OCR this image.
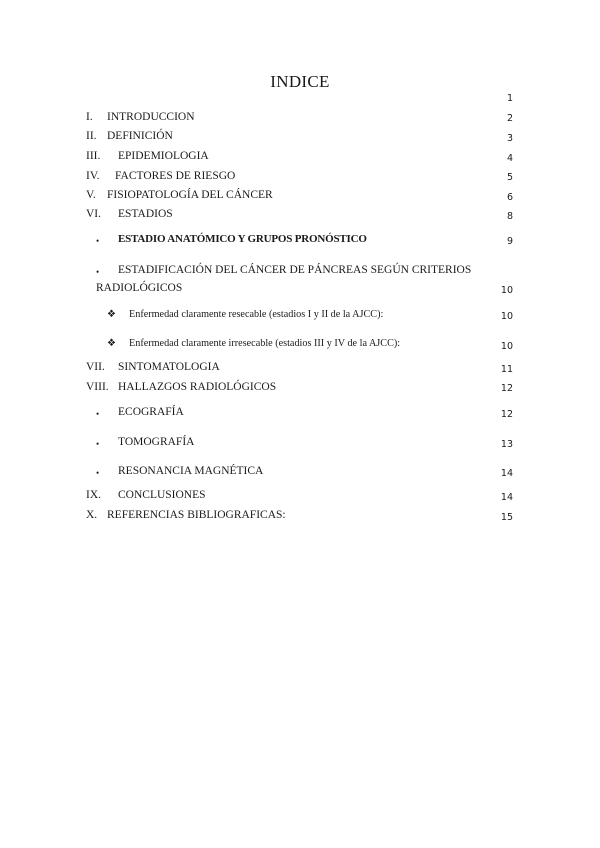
INDICE
1
I. INTRODUCCION	2
II. DEFINICIÓN	3
III. EPIDEMIOLOGIA	4
IV. FACTORES DE RIESGO	5
V. FISIOPATOLOGÍA DEL CÁNCER	6
VI. ESTADIOS	8
• ESTADIO ANATÓMICO Y GRUPOS PRONÓSTICO	9
• ESTADIFICACIÓN DEL CÁNCER DE PÁNCREAS SEGÚN CRITERIOS
RADIOLÓGICOS	10
❖ Enfermedad claramente resecable (estadios I y II de la AJCC):	10
❖ Enfermedad claramente irresecable (estadios III y IV de la AJCC):	10
VII. SINTOMATOLOGIA	11
VIII. HALLAZGOS RADIOLÓGICOS	12
• ECOGRAFÍA	12
• TOMOGRAFÍA	13
• RESONANCIA MAGNÉTICA	14
IX. CONCLUSIONES	14
X. REFERENCIAS BIBLIOGRAFICAS:	15
